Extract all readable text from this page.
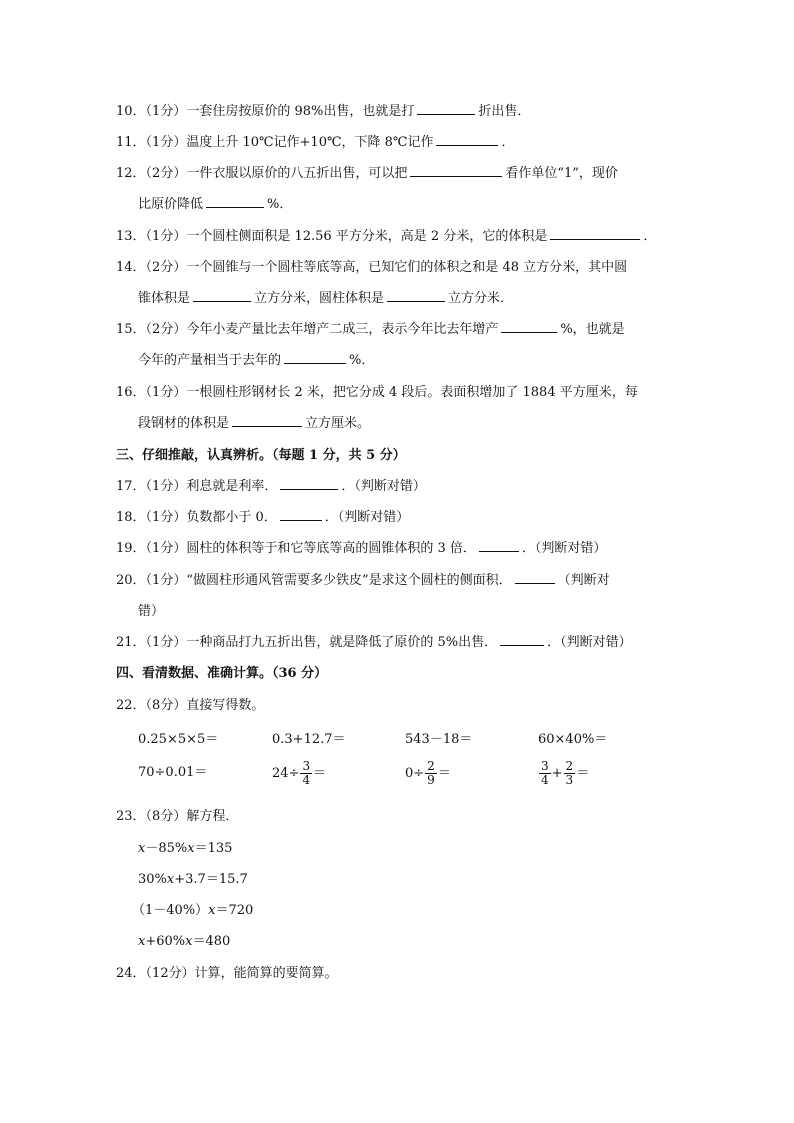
10．（1分）一套住房按原价的 98%出售，也就是打	折出售．
11．（1分）温度上升 10℃记作+10℃，下降 8℃记作	．
12．（2分）一件衣服以原价的八五折出售，可以把	看作单位“1”，现价
比原价降低	%．
13．（1分）一个圆柱侧面积是 12.56 平方分米，高是 2 分米，它的体积是	．
14．（2分）一个圆锥与一个圆柱等底等高，已知它们的体积之和是 48 立方分米，其中圆
锥体积是	立方分米，圆柱体积是	立方分米．
15．（2分）今年小麦产量比去年增产二成三，表示今年比去年增产	%，也就是
今年的产量相当于去年的	%．
16．（1分）一根圆柱形钢材长 2 米，把它分成 4 段后。表面积增加了 1884 平方厘米，每
段钢材的体积是	立方厘米。
三、仔细推敲，认真辨析。（每题 1 分，共 5 分）
17．（1分）利息就是利率．	．（判断对错）
18．（1分）负数都小于 0．	．（判断对错）
19．（1分）圆柱的体积等于和它等底等高的圆锥体积的 3 倍．	．（判断对错）
20．（1分）“做圆柱形通风管需要多少铁皮”是求这个圆柱的侧面积．	（判断对
错）
21．（1分）一种商品打九五折出售，就是降低了原价的 5%出售．	．（判断对错）
四、看清数据、准确计算。（36 分）
22．（8分）直接写得数。
0.25×5×5＝	0.3+12.7＝	543－18＝	60×40%＝
70÷0.01＝	$24\div \frac{3}{4}$ ＝	$0\div \frac{2}{9}$ ＝	$\frac{3}{4} + \frac{2}{3}$ ＝
23．（8分）解方程．
x－85%x＝135
30%x+3.7＝15.7
（1－40%）x＝720
x+60%x＝480
24．（12分）计算，能简算的要简算。
